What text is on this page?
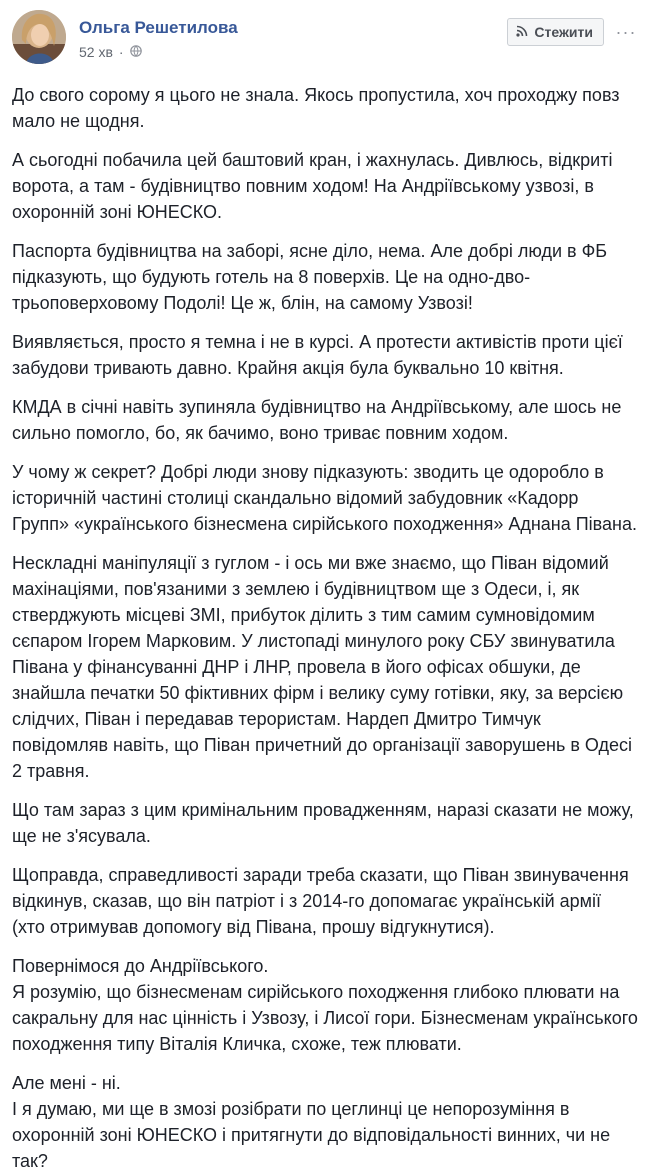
Ольга Решетилова
52 хв ·
Стежити ···

До свого сорому я цього не знала. Якось пропустила, хоч проходжу повз мало не щодня.

А сьогодні побачила цей баштовий кран, і жахнулась. Дивлюсь, відкриті ворота, а там - будівництво повним ходом! На Андріївському узвозі, в охоронній зоні ЮНЕСКО.

Паспорта будівництва на заборі, ясне діло, нема. Але добрі люди в ФБ підказують, що будують готель на 8 поверхів. Це на одно-дво-трьоповерховому Подолі! Це ж, блін, на самому Узвозі!

Виявляється, просто я темна і не в курсі. А протести активістів проти цієї забудови тривають давно. Крайня акція була буквально 10 квітня.

КМДА в січні навіть зупиняла будівництво на Андріївському, але шось не сильно помогло, бо, як бачимо, воно триває повним ходом.

У чому ж секрет? Добрі люди знову підказують: зводить це одоробло в історичній частині столиці скандально відомий забудовник «Кадорр Групп» «українського бізнесмена сирійського походження» Аднана Півана.

Нескладні маніпуляції з гуглом - і ось ми вже знаємо, що Піван відомий махінаціями, пов'язаними з землею і будівництвом ще з Одеси, і, як стверджують місцеві ЗМІ, прибуток ділить з тим самим сумновідомим сєпаром Ігорем Марковим. У листопаді минулого року СБУ звинуватила Півана у фінансуванні ДНР і ЛНР, провела в його офісах обшуки, де знайшла печатки 50 фіктивних фірм і велику суму готівки, яку, за версією слідчих, Піван і передавав терористам. Нардеп Дмитро Тимчук повідомляв навіть, що Піван причетний до організації заворушень в Одесі 2 травня.

Що там зараз з цим кримінальним провадженням, наразі сказати не можу, ще не з'ясувала.

Щоправда, справедливості заради треба сказати, що Піван звинувачення відкинув, сказав, що він патріот і з 2014-го допомагає українській армії (хто отримував допомогу від Півана, прошу відгукнутися).

Повернімося до Андріївського.
Я розумію, що бізнесменам сирійського походження глибоко плювати на сакральну для нас цінність і Узвозу, і Лисої гори. Бізнесменам українського походження типу Віталія Кличка, схоже, теж плювати.

Але мені - ні.
І я думаю, ми ще в змозі розібрати по цеглинці це непорозуміння в охоронній зоні ЮНЕСКО і притягнути до відповідальності винних, чи не так?
